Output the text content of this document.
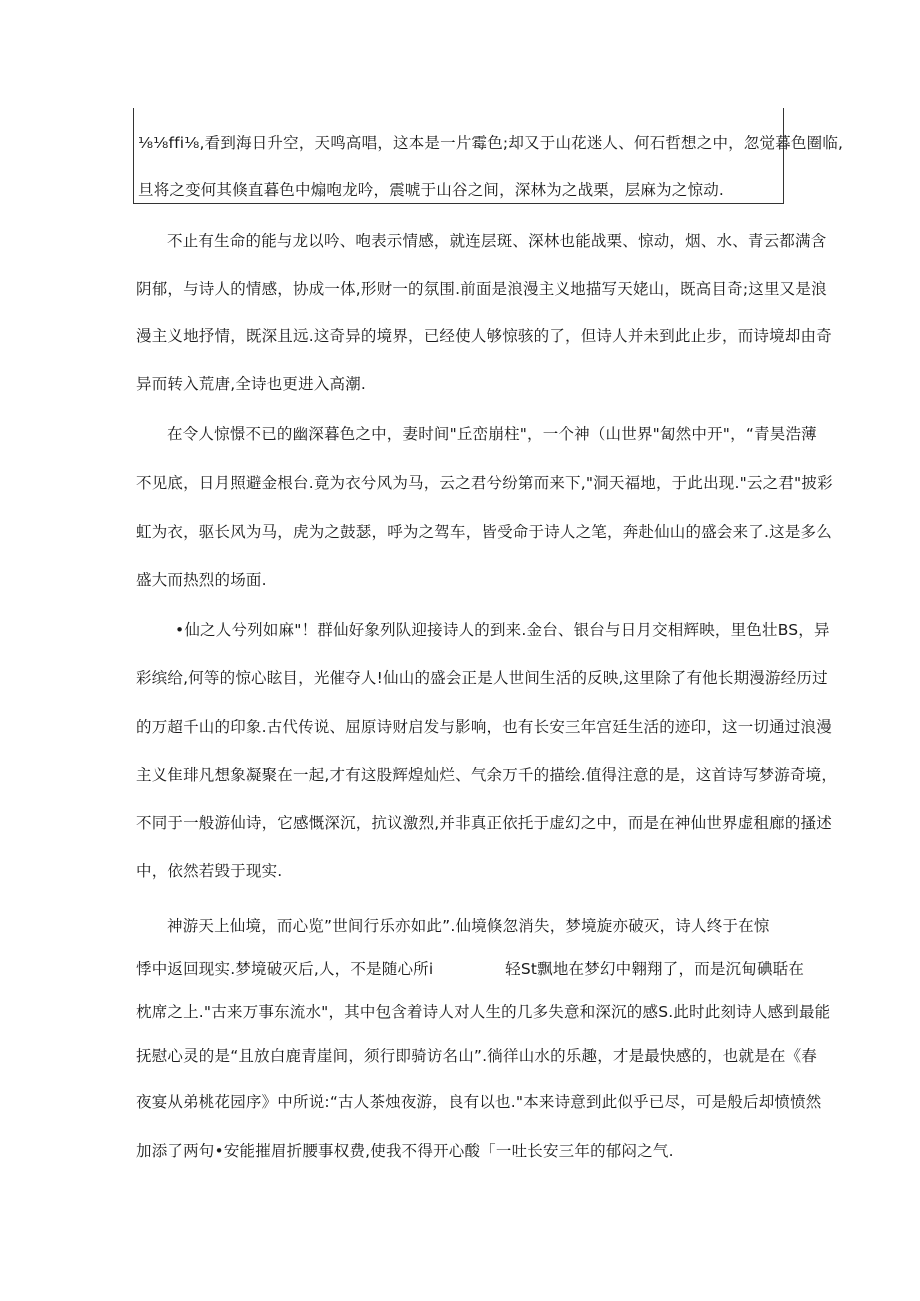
⅛⅛ffi⅛,看到海日升空，天鸣高唱，这本是一片霉色;却又于山花迷人、何石哲想之中，忽觉暮色圈临,
旦将之变何其倏直暮色中煽咆龙吟，震唬于山谷之间，深林为之战栗，层麻为之惊动.
不止有生命的能与龙以吟、咆表示情感，就连层斑、深林也能战栗、惊动，烟、水、青云都满含
阴郁，与诗人的情感，协成一体,形财一的氛围.前面是浪漫主义地描写天姥山，既高目奇;这里又是浪
漫主义地抒情，既深且远.这奇异的境界，已经使人够惊骇的了，但诗人并未到此止步，而诗境却由奇
异而转入荒唐,全诗也更进入高潮.
在令人惊憬不已的幽深暮色之中，妻时间"丘峦崩柱"，一个神（山世界"匐然中开"，“青昊浩薄
不见底，日月照避金根台.竟为衣兮风为马，云之君兮纷第而来下,"洞天福地，于此出现."云之君"披彩
虹为衣，驱长风为马，虎为之鼓瑟，呼为之驾车，皆受命于诗人之笔，奔赴仙山的盛会来了.这是多么
盛大而热烈的场面.
•仙之人兮列如麻"！群仙好象列队迎接诗人的到来.金台、银台与日月交相辉映，里色壮BS，异
彩缤给,何等的惊心眩目，光催夺人!仙山的盛会正是人世间生活的反映,这里除了有他长期漫游经历过
的万超千山的印象.古代传说、屈原诗财启发与影响，也有长安三年宫廷生活的迹印，这一切通过浪漫
主义隹琲凡想象凝聚在一起,才有这股辉煌灿烂、气余万千的描绘.值得注意的是，这首诗写梦游奇境，
不同于一般游仙诗，它感慨深沉，抗议激烈,并非真正依托于虚幻之中，而是在神仙世界虚租廊的搔述
中，依然若毁于现实.
神游天上仙境，而心览”世间行乐亦如此”.仙境倏忽消失，梦境旋亦破灭，诗人终于在惊
悸中返回现实.梦境破灭后,人，不是随心所i              轻St飘地在梦幻中翱翔了，而是沉甸碘聒在
枕席之上."古来万事东流水"，其中包含着诗人对人生的几多失意和深沉的感S.此时此刻诗人感到最能
抚慰心灵的是“且放白鹿青崖间，须行即骑访名山”.徜徉山水的乐趣，才是最快感的，也就是在《春
夜宴从弟桃花园序》中所说:“古人茶烛夜游，良有以也."本来诗意到此似乎已尽，可是般后却愤愤然
加添了两句•安能摧眉折腰事权费,使我不得开心酸「一吐长安三年的郁闷之气.
